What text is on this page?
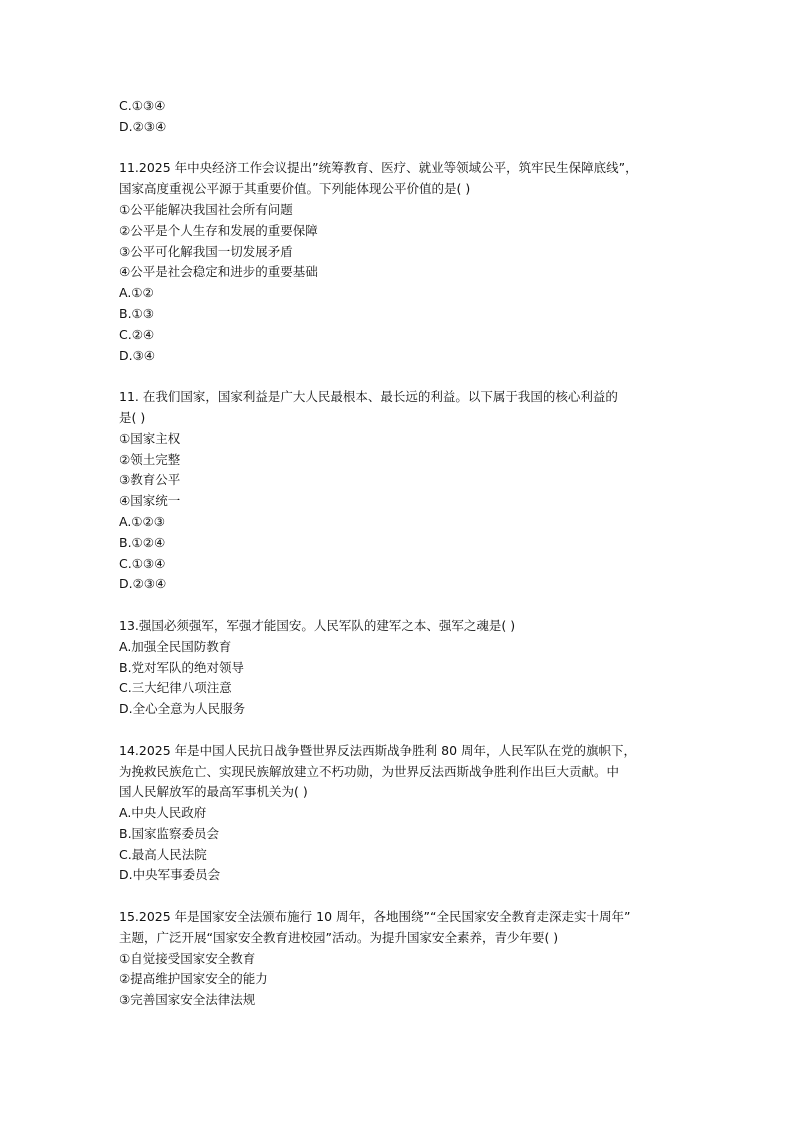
C.①③④
D.②③④
11.2025 年中央经济工作会议提出”统筹教育、医疗、就业等领域公平，筑牢民生保障底线”，
国家高度重视公平源于其重要价值。下列能体现公平价值的是( )
①公平能解决我国社会所有问题
②公平是个人生存和发展的重要保障
③公平可化解我国一切发展矛盾
④公平是社会稳定和进步的重要基础
A.①②
B.①③
C.②④
D.③④
11. 在我们国家，国家利益是广大人民最根本、最长远的利益。以下属于我国的核心利益的
是( )
①国家主权
②领土完整
③教育公平
④国家统一
A.①②③
B.①②④
C.①③④
D.②③④
13.强国必须强军，军强才能国安。人民军队的建军之本、强军之魂是( )
A.加强全民国防教育
B.党对军队的绝对领导
C.三大纪律八项注意
D.全心全意为人民服务
14.2025 年是中国人民抗日战争暨世界反法西斯战争胜利 80 周年，人民军队在党的旗帜下，
为挽救民族危亡、实现民族解放建立不朽功勋，为世界反法西斯战争胜利作出巨大贡献。中
国人民解放军的最高军事机关为( )
A.中央人民政府
B.国家监察委员会
C.最高人民法院
D.中央军事委员会
15.2025 年是国家安全法颁布施行 10 周年，各地围绕”“全民国家安全教育走深走实十周年”
主题，广泛开展“国家安全教育进校园”活动。为提升国家安全素养，青少年要( )
①自觉接受国家安全教育
②提高维护国家安全的能力
③完善国家安全法律法规
